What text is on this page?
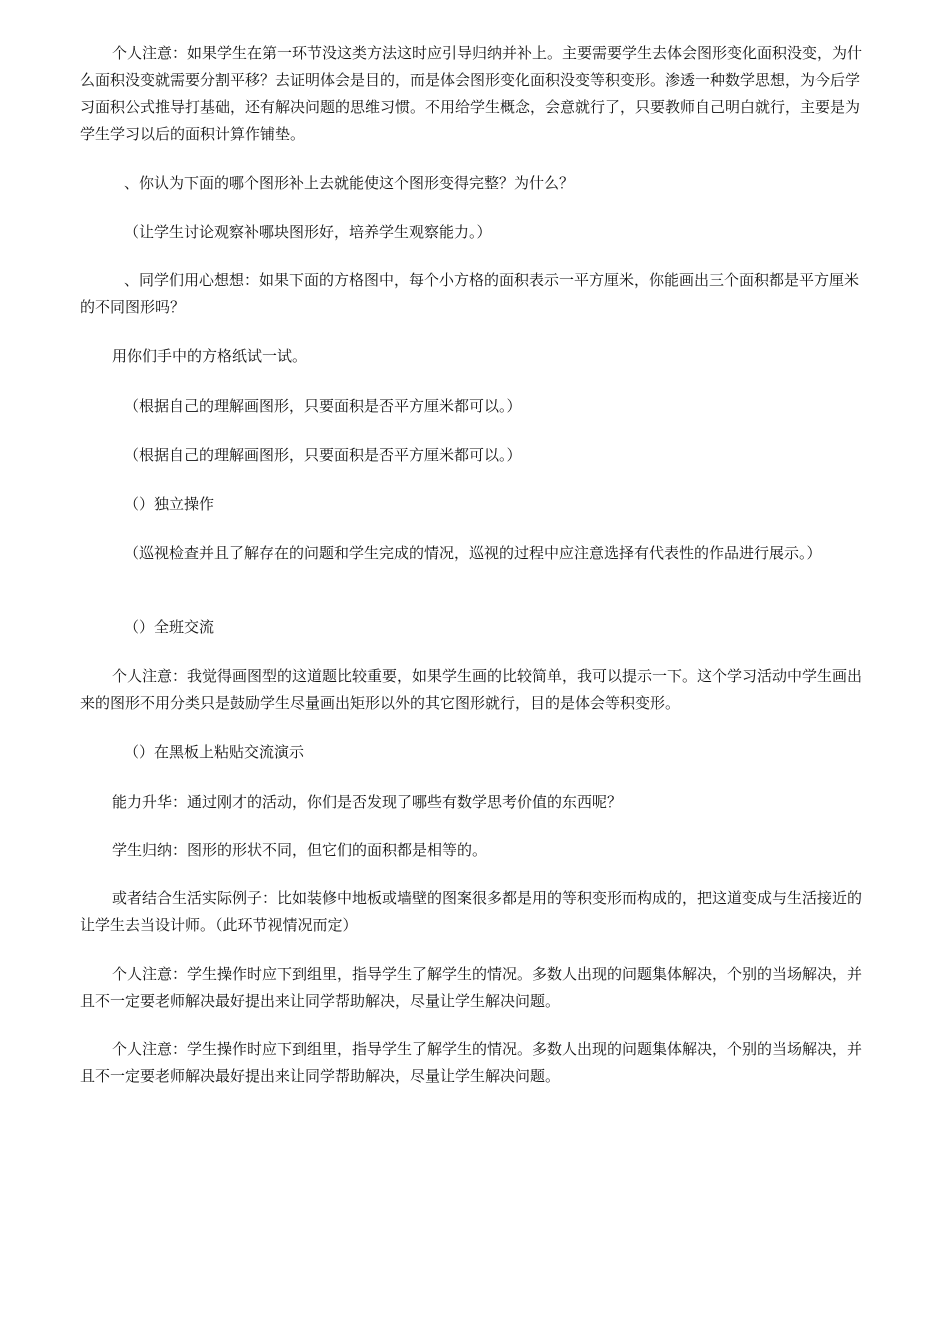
个人注意：如果学生在第一环节没这类方法这时应引导归纳并补上。主要需要学生去体会图形变化面积没变，为什么面积没变就需要分割平移？去证明体会是目的，而是体会图形变化面积没变等积变形。渗透一种数学思想，为今后学习面积公式推导打基础，还有解决问题的思维习惯。不用给学生概念，会意就行了，只要教师自己明白就行，主要是为学生学习以后的面积计算作铺垫。

、你认为下面的哪个图形补上去就能使这个图形变得完整？为什么？

（让学生讨论观察补哪块图形好，培养学生观察能力。）

、同学们用心想想：如果下面的方格图中，每个小方格的面积表示一平方厘米，你能画出三个面积都是平方厘米的不同图形吗？

用你们手中的方格纸试一试。

（根据自己的理解画图形，只要面积是否平方厘米都可以。）

（根据自己的理解画图形，只要面积是否平方厘米都可以。）

（）独立操作

（巡视检查并且了解存在的问题和学生完成的情况，巡视的过程中应注意选择有代表性的作品进行展示。）

（）全班交流

个人注意：我觉得画图型的这道题比较重要，如果学生画的比较简单，我可以提示一下。这个学习活动中学生画出来的图形不用分类只是鼓励学生尽量画出矩形以外的其它图形就行，目的是体会等积变形。

（）在黑板上粘贴交流演示

能力升华：通过刚才的活动，你们是否发现了哪些有数学思考价值的东西呢？

学生归纳：图形的形状不同，但它们的面积都是相等的。

或者结合生活实际例子：比如装修中地板或墙壁的图案很多都是用的等积变形而构成的，把这道变成与生活接近的让学生去当设计师。（此环节视情况而定）

个人注意：学生操作时应下到组里，指导学生了解学生的情况。多数人出现的问题集体解决，个别的当场解决，并且不一定要老师解决最好提出来让同学帮助解决，尽量让学生解决问题。

个人注意：学生操作时应下到组里，指导学生了解学生的情况。多数人出现的问题集体解决，个别的当场解决，并且不一定要老师解决最好提出来让同学帮助解决，尽量让学生解决问题。
